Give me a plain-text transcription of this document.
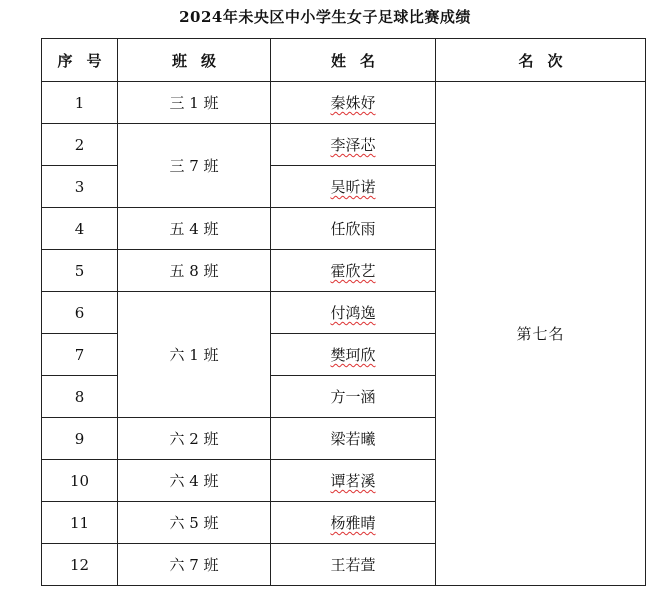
2024年未央区中小学生女子足球比赛成绩
序号	班级	姓名	名次
1	三 1 班	秦姝妤	第七名
2	三 7 班	李泽芯	
3		吴昕诺	
4	五 4 班	任欣雨	
5	五 8 班	霍欣艺	
6	六 1 班	付鸿逸	
7		樊珂欣	
8		方一涵	
9	六 2 班	梁若曦	
10	六 4 班	谭茗溪	
11	六 5 班	杨雅晴	
12	六 7 班	王若萱	
